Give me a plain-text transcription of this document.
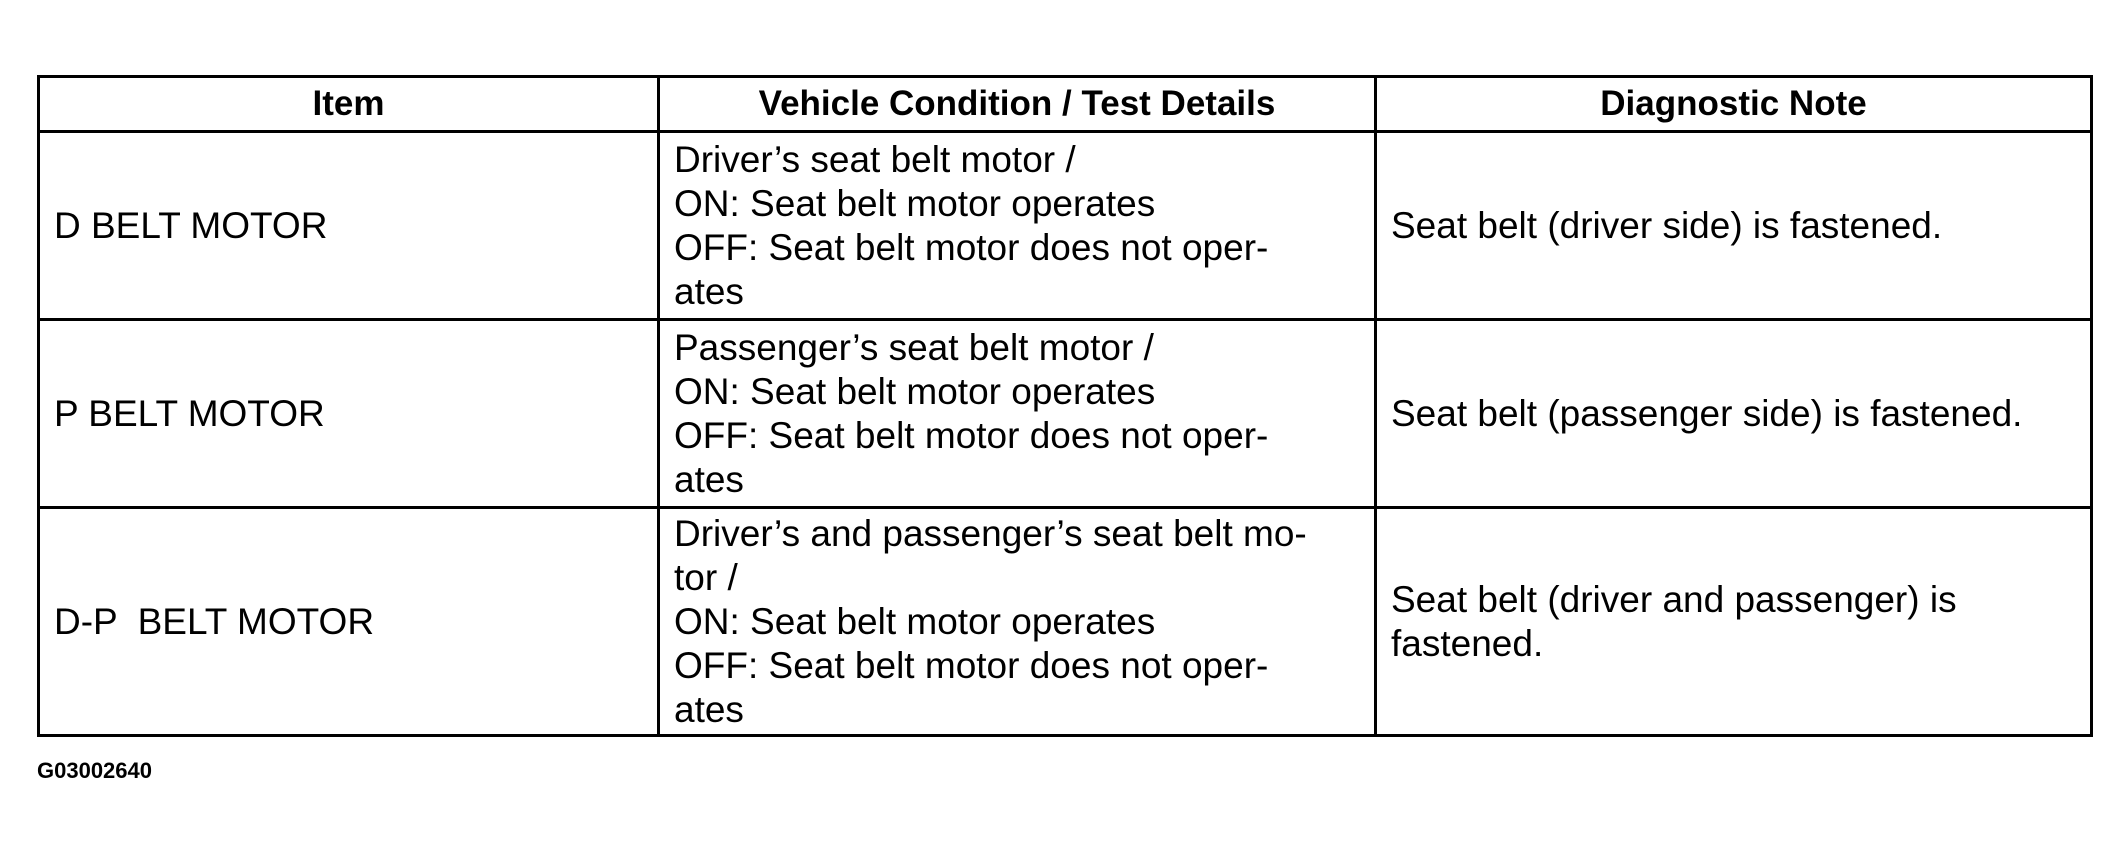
Item	Vehicle Condition / Test Details	Diagnostic Note
D BELT MOTOR	Driver’s seat belt motor /
ON: Seat belt motor operates
OFF: Seat belt motor does not oper-
ates	Seat belt (driver side) is fastened.

P BELT MOTOR	Passenger’s seat belt motor /
ON: Seat belt motor operates
OFF: Seat belt motor does not oper-
ates	Seat belt (passenger side) is fastened.

D-P  BELT MOTOR	Driver’s and passenger’s seat belt mo-
tor /
ON: Seat belt motor operates
OFF: Seat belt motor does not oper-
ates	Seat belt (driver and passenger) is
fastened.
G03002640
